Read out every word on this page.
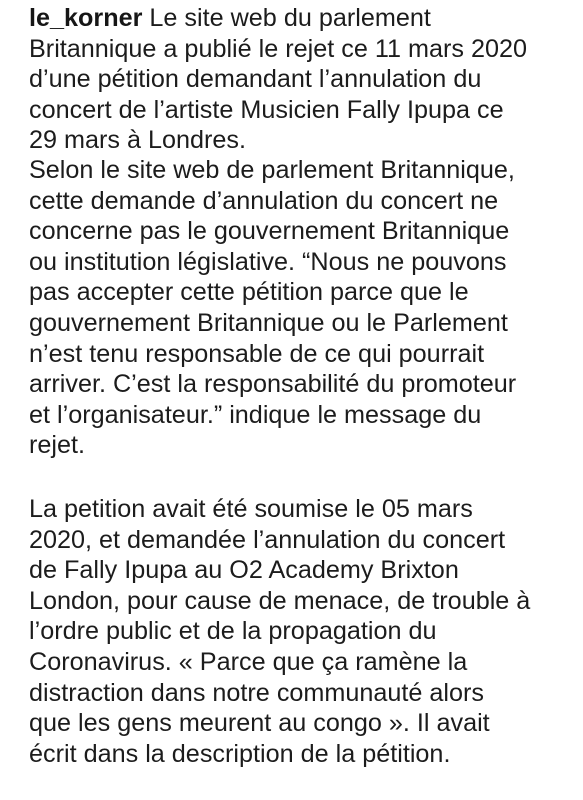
le_korner Le site web du parlement
Britannique a publié le rejet ce 11 mars 2020
d’une pétition demandant l’annulation du
concert de l’artiste Musicien Fally Ipupa ce
29 mars à Londres.
Selon le site web de parlement Britannique,
cette demande d’annulation du concert ne
concerne pas le gouvernement Britannique
ou institution législative. “Nous ne pouvons
pas accepter cette pétition parce que le
gouvernement Britannique ou le Parlement
n’est tenu responsable de ce qui pourrait
arriver. C’est la responsabilité du promoteur
et l’organisateur.” indique le message du
rejet.
La petition avait été soumise le 05 mars
2020, et demandée l’annulation du concert
de Fally Ipupa au O2 Academy Brixton
London, pour cause de menace, de trouble à
l’ordre public et de la propagation du
Coronavirus. « Parce que ça ramène la
distraction dans notre communauté alors
que les gens meurent au congo ». Il avait
écrit dans la description de la pétition.
